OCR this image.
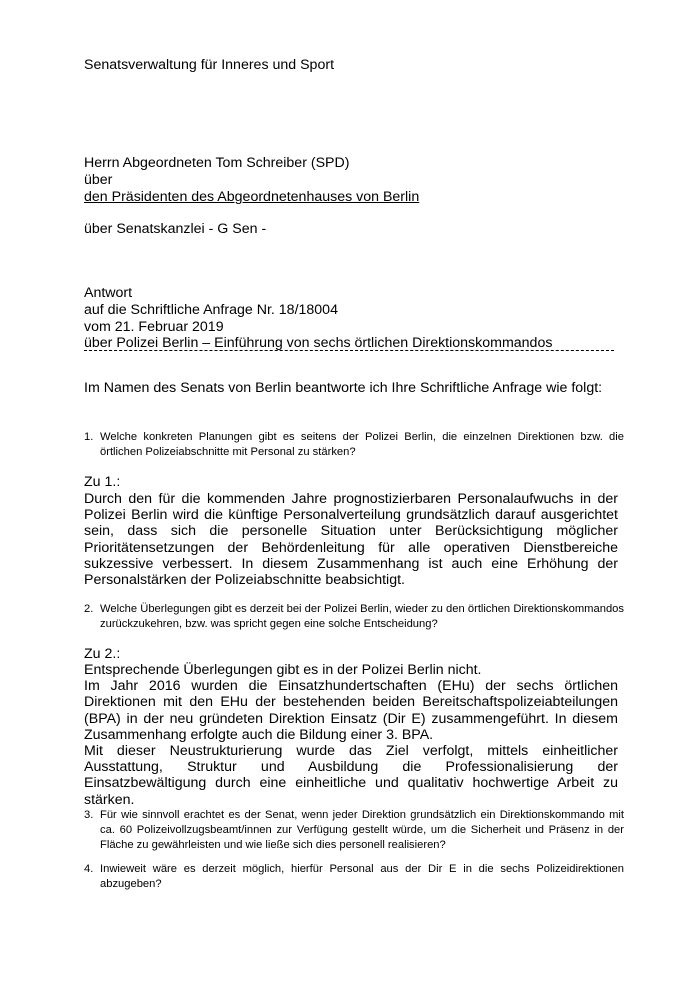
Senatsverwaltung für Inneres und Sport
Herrn Abgeordneten Tom Schreiber (SPD)
über
den Präsidenten des Abgeordnetenhauses von Berlin
über Senatskanzlei - G Sen -
Antwort
auf die Schriftliche Anfrage Nr. 18/18004
vom 21. Februar 2019
über Polizei Berlin – Einführung von sechs örtlichen Direktionskommandos
Im Namen des Senats von Berlin beantworte ich Ihre Schriftliche Anfrage wie folgt:
1. Welche konkreten Planungen gibt es seitens der Polizei Berlin, die einzelnen Direktionen bzw. die örtlichen Polizeiabschnitte mit Personal zu stärken?
Zu 1.:

Durch den für die kommenden Jahre prognostizierbaren Personalaufwuchs in der Polizei Berlin wird die künftige Personalverteilung grundsätzlich darauf ausgerichtet sein, dass sich die personelle Situation unter Berücksichtigung möglicher Prioritätensetzungen der Behördenleitung für alle operativen Dienstbereiche sukzessive verbessert. In diesem Zusammenhang ist auch eine Erhöhung der Personalstärken der Polizeiabschnitte beabsichtigt.

2. Welche Überlegungen gibt es derzeit bei der Polizei Berlin, wieder zu den örtlichen Direktionskommandos zurückzukehren, bzw. was spricht gegen eine solche Entscheidung?
Zu 2.:

Entsprechende Überlegungen gibt es in der Polizei Berlin nicht.

Im Jahr 2016 wurden die Einsatzhundertschaften (EHu) der sechs örtlichen Direktionen mit den EHu der bestehenden beiden Bereitschaftspolizeiabteilungen (BPA) in der neu gründeten Direktion Einsatz (Dir E) zusammengeführt. In diesem Zusammenhang erfolgte auch die Bildung einer 3. BPA.

Mit dieser Neustrukturierung wurde das Ziel verfolgt, mittels einheitlicher Ausstattung, Struktur und Ausbildung die Professionalisierung der Einsatzbewältigung durch eine einheitliche und qualitativ hochwertige Arbeit zu stärken.

3. Für wie sinnvoll erachtet es der Senat, wenn jeder Direktion grundsätzlich ein Direktionskommando mit ca. 60 Polizeivollzugsbeamt/innen zur Verfügung gestellt würde, um die Sicherheit und Präsenz in der Fläche zu gewährleisten und wie ließe sich dies personell realisieren?
4. Inwieweit wäre es derzeit möglich, hierfür Personal aus der Dir E in die sechs Polizeidirektionen abzugeben?
